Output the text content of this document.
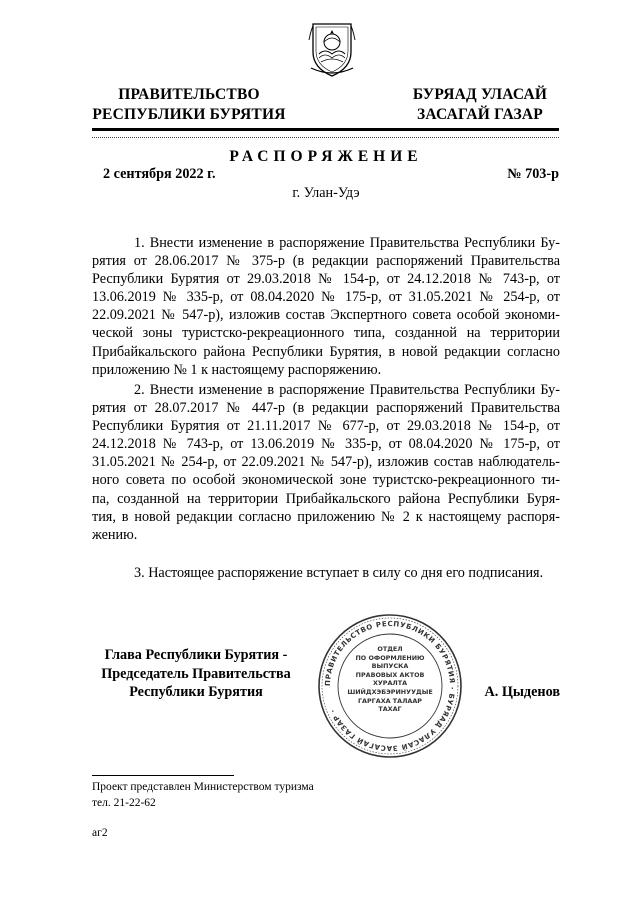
ПРАВИТЕЛЬСТВО
РЕСПУБЛИКИ БУРЯТИЯ
БУРЯАД УЛАСАЙ
ЗАСАГАЙ ГАЗАР
РАСПОРЯЖЕНИЕ
2 сентября 2022 г.	№ 703-р
г. Улан-Удэ
1. Внести изменение в распоряжение Правительства Республики Бу-
рятия от 28.06.2017 № 375-р (в редакции распоряжений Правительства
Республики Бурятия от 29.03.2018 № 154-р, от 24.12.2018 № 743-р, от
13.06.2019 № 335-р, от 08.04.2020 № 175-р, от 31.05.2021 № 254-р, от
22.09.2021 № 547-р), изложив состав Экспертного совета особой экономи-
ческой зоны туристско-рекреационного типа, созданной на территории
Прибайкальского района Республики Бурятия, в новой редакции согласно
приложению № 1 к настоящему распоряжению.
2. Внести изменение в распоряжение Правительства Республики Бу-
рятия от 28.07.2017 № 447-р (в редакции распоряжений Правительства
Республики Бурятия от 21.11.2017 № 677-р, от 29.03.2018 № 154-р, от
24.12.2018 № 743-р, от 13.06.2019 № 335-р, от 08.04.2020 № 175-р, от
31.05.2021 № 254-р, от 22.09.2021 № 547-р), изложив состав наблюдатель-
ного совета по особой экономической зоне туристско-рекреационного ти-
па, созданной на территории Прибайкальского района Республики Буря-
тия, в новой редакции согласно приложению № 2 к настоящему распоря-
жению.
3. Настоящее распоряжение вступает в силу со дня его подписания.
Глава Республики Бурятия -
Председатель Правительства
Республики Бурятия	А. Цыденов
ПРАВИТЕЛЬСТВО РЕСПУБЛИКИ БУРЯТИЯ · БУРЯАД УЛАСАЙ ЗАСАГАЙ ГАЗАР ·
ОТДЕЛ
ПО ОФОРМЛЕНИЮ
ВЫПУСКА
ПРАВОВЫХ АКТОВ
ХУРАЛТА
ШИЙДХЭБЭРИНУУДЫЕ
ГАРГАХА ТАЛААР
ТАХАГ
Проект представлен Министерством туризма
тел. 21-22-62
аг2
